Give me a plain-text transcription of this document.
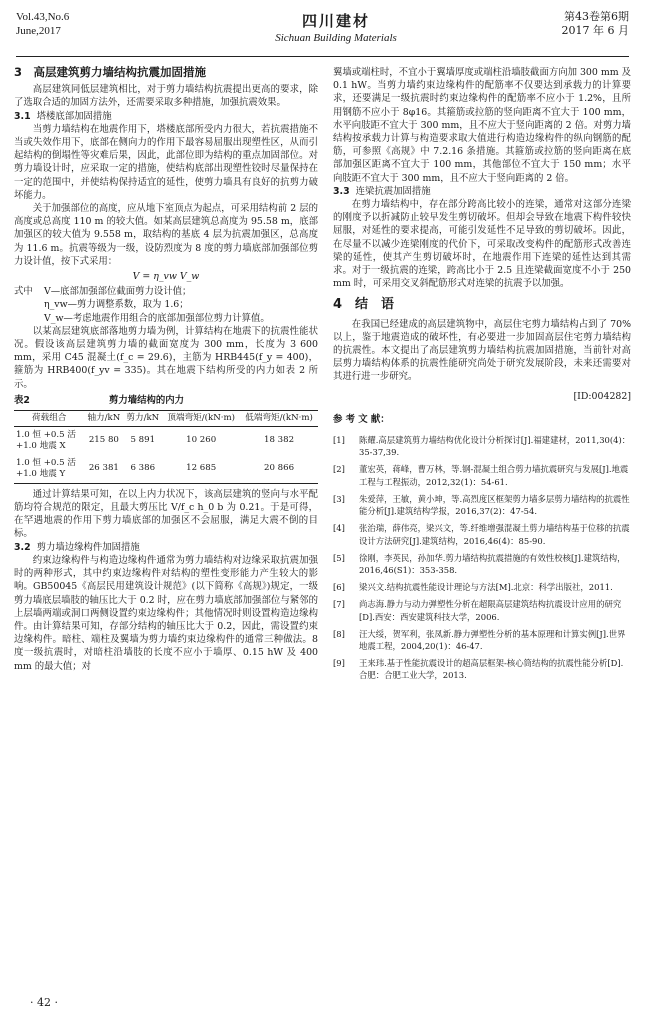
Vol.43,No.6
June,2017
四川建材
Sichuan Building Materials
第43卷第6期
2017 年 6 月
3　高层建筑剪力墙结构抗震加固措施

高层建筑同低层建筑相比，对于剪力墙结构抗震提出更高的要求，除了选取合适的加固方法外，还需要采取多种措施，加强抗震效果。

3.1 塔楼底部加固措施

当剪力墙结构在地震作用下，塔楼底部所受内力很大，若抗震措施不当或失效作用下，底部在侧向力的作用下最容易屈服出现塑性区，从而引起结构的倒塌性等灾难后果，因此，此部位即为结构的重点加固部位。对剪力墙设计时，应采取一定的措施，使结构底部出现塑性铰时尽量保持在一定的范围中，并使结构保持适宜的延性，使剪力墙具有良好的抗剪力破坏能力。

关于加强部位的高度，应从地下室顶点为起点，可采用结构前 2 层的高度或总高度 110 m 的较大值。如某高层建筑总高度为 95.58 m，底部加强区的较大值为 9.558 m，取结构的基底 4 层为抗震加强区，总高度为 11.6 m。抗震等级为一级，设防烈度为 8 度的剪力墙底部加强部位剪力设计值，按下式采用：

V = η_vw V_w
式中 V—底部加强部位截面剪力设计值；
η_vw—剪力调整系数，取为 1.6；
V_w—考虑地震作用组合的底部加强部位剪力计算值。

以某高层建筑底部落地剪力墙为例，计算结构在地震下的抗震性能状况。假设该高层建筑剪力墙的截面宽度为 300 mm，长度为 3 600 mm，采用 C45 混凝土(f_c = 29.6)，主筋为 HRB445(f_y = 400)，箍筋为 HRB400(f_yv = 335)。其在地震下结构所受的内力如表 2 所示。

表2	剪力墙结构的内力
荷载组合	轴力/kN	剪力/kN	顶端弯矩/(kN·m)	低端弯矩/(kN·m)

1.0 恒 +0.5 活
+1.0 地震 X	215 80	5 891	10 260	18 382

1.0 恒 +0.5 活
+1.0 地震 Y	26 381	6 386	12 685	20 866

通过计算结果可知，在以上内力状况下，该高层建筑的竖向与水平配筋均符合规范的限定，且最大剪压比 V/f_c h_0 b 为 0.21。于是可得，在罕遇地震的作用下剪力墙底部的加强区不会屈服，满足大震不倒的目标。

3.2 剪力墙边缘构件加固措施

约束边缘构件与构造边缘构件通常为剪力墙结构对边缘采取抗震加强时的两种形式，其中约束边缘构件对结构的塑性变形能力产生较大的影响。GB50045《高层民用建筑设计规范》(以下简称《高规》)规定，一级剪力墙底层墙肢的轴压比大于 0.2 时，应在剪力墙底部加强部位与紧邻的上层墙两端或洞口两侧设置约束边缘构件；其他情况时则设置构造边缘构件。由计算结果可知，存部分结构的轴压比大于 0.2，因此，需设置约束边缘构件。暗柱、端柱及翼墙为剪力墙约束边缘构件的通常三种做法。8 度一级抗震时，对暗柱沿墙肢的长度不应小于墙厚、0.15 hW 及 400 mm 的最大值；对

翼墙或端柱时，不宜小于翼墙厚度或端柱沿墙肢截面方向加 300 mm 及 0.1 hW。当剪力墙约束边缘构件的配筋率不仅要达到承载力的计算要求，还要满足一级抗震时约束边缘构件的配筋率不应小于 1.2%，且所用钢筋不应小于 8φ16。其箍筋或拉筋的竖向距离不宜大于 100 mm，水平向肢距不宜大于 300 mm，且不应大于竖向距离的 2 倍。对剪力墙结构按承载力计算与构造要求取大值进行构造边缘构件的纵向钢筋的配筋，可参照《高规》中 7.2.16 条措施。其箍筋或拉筋的竖向距离在底部加强区距离不宜大于 100 mm，其他部位不宜大于 150 mm；水平向肢距不宜大于 300 mm，且不应大于竖向距离的 2 倍。

3.3 连梁抗震加固措施

在剪力墙结构中，存在部分跨高比较小的连梁，通常对这部分连梁的刚度予以折减防止较早发生剪切破坏。但却会导致在地震下构件较快屈服，对延性的要求提高，可能引发延性不足导致的剪切破坏。因此，在尽量不以减少连梁刚度的代价下，可采取改变构件的配筋形式改善连梁的延性，使其产生剪切破坏时，在地震作用下连梁的延性达到其需求。对于一级抗震的连梁，跨高比小于 2.5 且连梁截面宽度不小于 250 mm 时，可采用交叉斜配筋形式对连梁的抗震予以加强。

4　结　语

在我国已经建成的高层建筑物中，高层住宅剪力墙结构占到了 70% 以上，鉴于地震造成的破坏性，有必要进一步加固高层住宅剪力墙结构的抗震性。本文提出了高层建筑剪力墙结构抗震加固措施，当前针对高层剪力墙结构体系的抗震性能研究尚处于研究发展阶段，未来还需要对其进行进一步研究。

[ID:004282]
参 考 文 献：
[1] 陈耀.高层建筑剪力墙结构优化设计分析探讨[J].福建建材，2011,30(4)：35-37,39.
[2] 董宏英，蒋峰，曹万林，等.钢-混凝土组合剪力墙抗震研究与发展[J].地震工程与工程振动，2012,32(1)：54-61.
[3] 朱爱萍，王敏，黄小坤，等.高烈度区框架剪力墙多层剪力墙结构的抗震性能分析[J].建筑结构学报，2016,37(2)：47-54.
[4] 张治瑞，薛伟亮，梁兴文，等.纤维增强混凝土剪力墙结构基于位移的抗震设计方法研究[J].建筑结构，2016,46(4)：85-90.
[5] 徐刚，李英民，孙加华.剪力墙结构抗震措施的有效性校核[J].建筑结构，2016,46(S1)：353-358.
[6] 梁兴文.结构抗震性能设计理论与方法[M].北京：科学出版社，2011.
[7] 尚志海.静力与动力弹塑性分析在超限高层建筑结构抗震设计应用的研究[D].西安：西安建筑科技大学，2006.
[8] 汪大绥，贺军利，张凤新.静力弹塑性分析的基本原理和计算实例[J].世界地震工程，2004,20(1)：46-47.
[9] 王来玮.基于性能抗震设计的超高层框架-核心筒结构的抗震性能分析[D].合肥：合肥工业大学，2013.
· 42 ·
